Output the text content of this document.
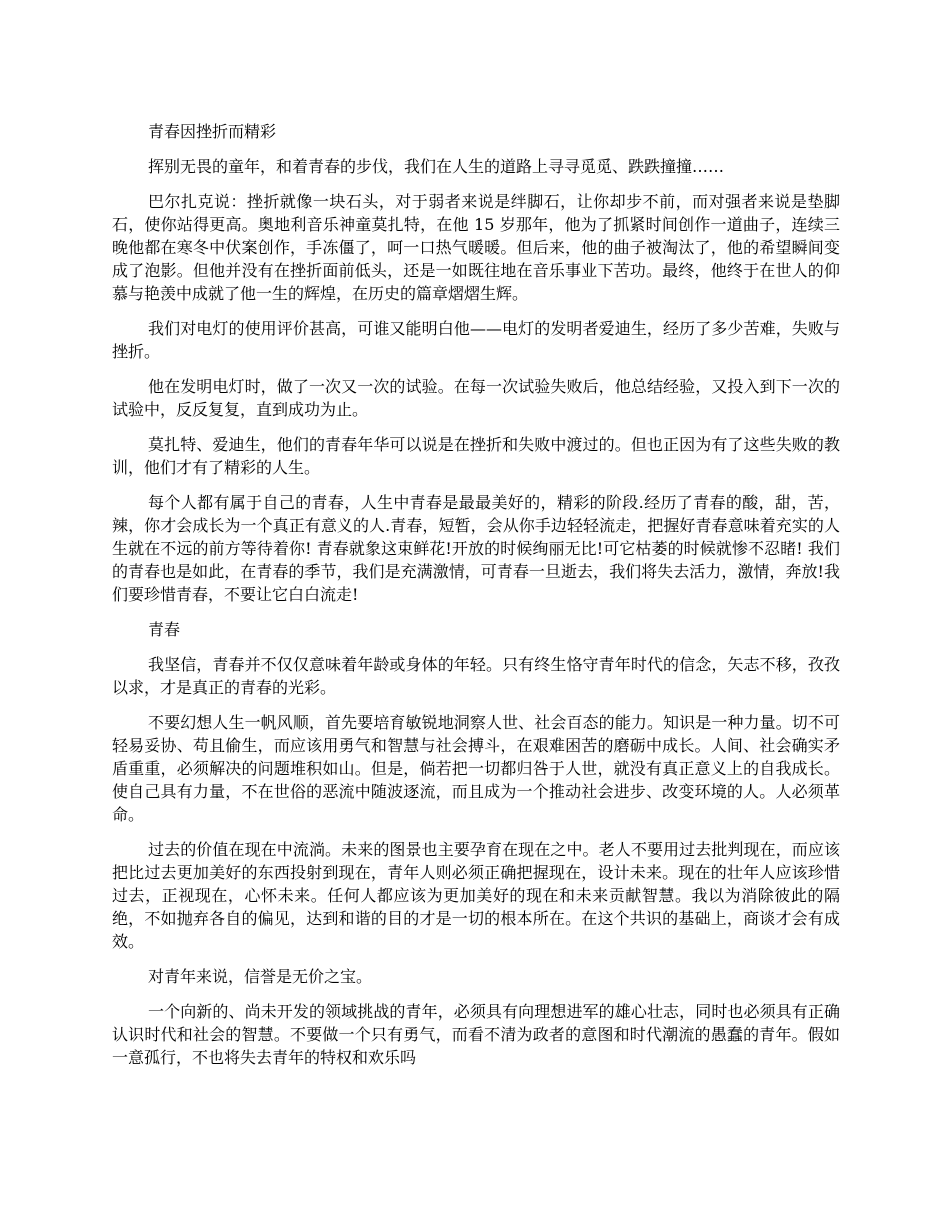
青春因挫折而精彩

挥别无畏的童年，和着青春的步伐，我们在人生的道路上寻寻觅觅、跌跌撞撞……

巴尔扎克说：挫折就像一块石头，对于弱者来说是绊脚石，让你却步不前，而对强者来说是垫脚石，使你站得更高。奥地利音乐神童莫扎特，在他 15 岁那年，他为了抓紧时间创作一道曲子，连续三晚他都在寒冬中伏案创作，手冻僵了，呵一口热气暖暖。但后来，他的曲子被淘汰了，他的希望瞬间变成了泡影。但他并没有在挫折面前低头，还是一如既往地在音乐事业下苦功。最终，他终于在世人的仰慕与艳羡中成就了他一生的辉煌，在历史的篇章熠熠生辉。

我们对电灯的使用评价甚高，可谁又能明白他——电灯的发明者爱迪生，经历了多少苦难，失败与挫折。

他在发明电灯时，做了一次又一次的试验。在每一次试验失败后，他总结经验，又投入到下一次的试验中，反反复复，直到成功为止。

莫扎特、爱迪生，他们的青春年华可以说是在挫折和失败中渡过的。但也正因为有了这些失败的教训，他们才有了精彩的人生。

每个人都有属于自己的青春，人生中青春是最最美好的，精彩的阶段.经历了青春的酸，甜，苦，辣，你才会成长为一个真正有意义的人.青春，短暂，会从你手边轻轻流走，把握好青春意味着充实的人生就在不远的前方等待着你! 青春就象这束鲜花!开放的时候绚丽无比!可它枯萎的时候就惨不忍睹! 我们的青春也是如此，在青春的季节，我们是充满激情，可青春一旦逝去，我们将失去活力，激情，奔放!我们要珍惜青春，不要让它白白流走!

青春

我坚信，青春并不仅仅意味着年龄或身体的年轻。只有终生恪守青年时代的信念，矢志不移，孜孜以求，才是真正的青春的光彩。

不要幻想人生一帆风顺，首先要培育敏锐地洞察人世、社会百态的能力。知识是一种力量。切不可轻易妥协、苟且偷生，而应该用勇气和智慧与社会搏斗，在艰难困苦的磨砺中成长。人间、社会确实矛盾重重，必须解决的问题堆积如山。但是，倘若把一切都归咎于人世，就没有真正意义上的自我成长。使自己具有力量，不在世俗的恶流中随波逐流，而且成为一个推动社会进步、改变环境的人。人必须革命。

过去的价值在现在中流淌。未来的图景也主要孕育在现在之中。老人不要用过去批判现在，而应该把比过去更加美好的东西投射到现在，青年人则必须正确把握现在，设计未来。现在的壮年人应该珍惜过去，正视现在，心怀未来。任何人都应该为更加美好的现在和未来贡献智慧。我以为消除彼此的隔绝，不如抛弃各自的偏见，达到和谐的目的才是一切的根本所在。在这个共识的基础上，商谈才会有成效。

对青年来说，信誉是无价之宝。

一个向新的、尚未开发的领域挑战的青年，必须具有向理想进军的雄心壮志，同时也必须具有正确认识时代和社会的智慧。不要做一个只有勇气，而看不清为政者的意图和时代潮流的愚蠢的青年。假如一意孤行，不也将失去青年的特权和欢乐吗
